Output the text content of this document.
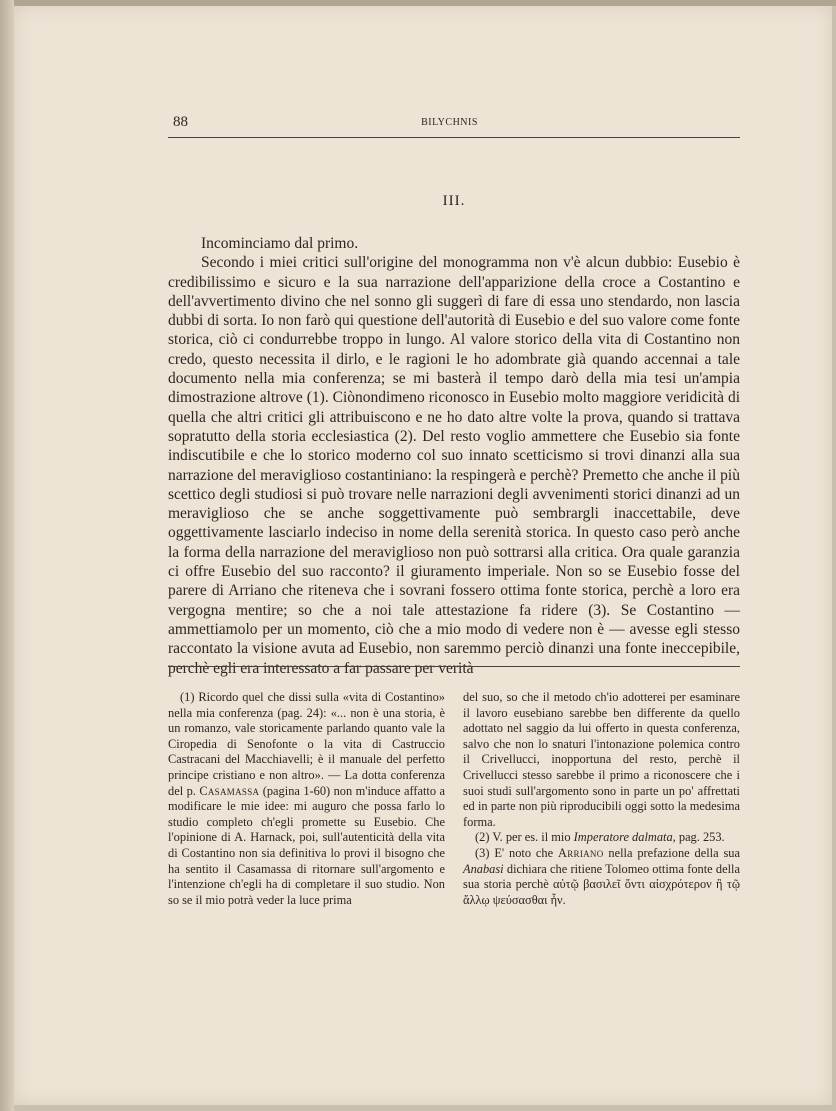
88	BILYCHNIS
III.

Incominciamo dal primo.

Secondo i miei critici sull'origine del monogramma non v'è alcun dubbio: Eusebio è credibilissimo e sicuro e la sua narrazione dell'apparizione della croce a Costantino e dell'avvertimento divino che nel sonno gli suggerì di fare di essa uno stendardo, non lascia dubbi di sorta. Io non farò qui questione dell'autorità di Eusebio e del suo valore come fonte storica, ciò ci condurrebbe troppo in lungo. Al valore storico della vita di Costantino non credo, questo necessita il dirlo, e le ragioni le ho adombrate già quando accennai a tale documento nella mia conferenza; se mi basterà il tempo darò della mia tesi un'ampia dimostrazione altrove (1). Ciònondimeno riconosco in Eusebio molto maggiore veridicità di quella che altri critici gli attribuiscono e ne ho dato altre volte la prova, quando si trattava sopratutto della storia ecclesiastica (2). Del resto voglio ammettere che Eusebio sia fonte indiscutibile e che lo storico moderno col suo innato scetticismo si trovi dinanzi alla sua narrazione del meraviglioso costantiniano: la respingerà e perchè? Premetto che anche il più scettico degli studiosi si può trovare nelle narrazioni degli avvenimenti storici dinanzi ad un meraviglioso che se anche soggettivamente può sembrargli inaccettabile, deve oggettivamente lasciarlo indeciso in nome della serenità storica. In questo caso però anche la forma della narrazione del meraviglioso non può sottrarsi alla critica. Ora quale garanzia ci offre Eusebio del suo racconto? il giuramento imperiale. Non so se Eusebio fosse del parere di Arriano che riteneva che i sovrani fossero ottima fonte storica, perchè a loro era vergogna mentire; so che a noi tale attestazione fa ridere (3). Se Costantino — ammettiamolo per un momento, ciò che a mio modo di vedere non è — avesse egli stesso raccontato la visione avuta ad Eusebio, non saremmo perciò dinanzi una fonte ineccepibile, perchè egli era interessato a far passare per verità

(1) Ricordo quel che dissi sulla «vita di Costantino» nella mia conferenza (pag. 24): «... non è una storia, è un romanzo, vale storicamente parlando quanto vale la Ciropedia di Senofonte o la vita di Castruccio Castracani del Macchiavelli; è il manuale del perfetto principe cristiano e non altro». — La dotta conferenza del p. Casamassa (pagina 1-60) non m'induce affatto a modificare le mie idee: mi auguro che possa farlo lo studio completo ch'egli promette su Eusebio. Che l'opinione di A. Harnack, poi, sull'autenticità della vita di Costantino non sia definitiva lo provi il bisogno che ha sentito il Casamassa di ritornare sull'argomento e l'intenzione ch'egli ha di completare il suo studio. Non so se il mio potrà veder la luce prima

del suo, so che il metodo ch'io adotterei per esaminare il lavoro eusebiano sarebbe ben differente da quello adottato nel saggio da lui offerto in questa conferenza, salvo che non lo snaturi l'intonazione polemica contro il Crivellucci, inopportuna del resto, perchè il Crivellucci stesso sarebbe il primo a riconoscere che i suoi studi sull'argomento sono in parte un po' affrettati ed in parte non più riproducibili oggi sotto la medesima forma.

(2) V. per es. il mio Imperatore dalmata, pag. 253.

(3) E' noto che Arriano nella prefazione della sua Anabasi dichiara che ritiene Tolomeo ottima fonte della sua storia perchè αὐτῷ βασιλεῖ ὄντι αἰσχρότερον ἢ τῷ ἄλλῳ ψεύσασθαι ἦν.
